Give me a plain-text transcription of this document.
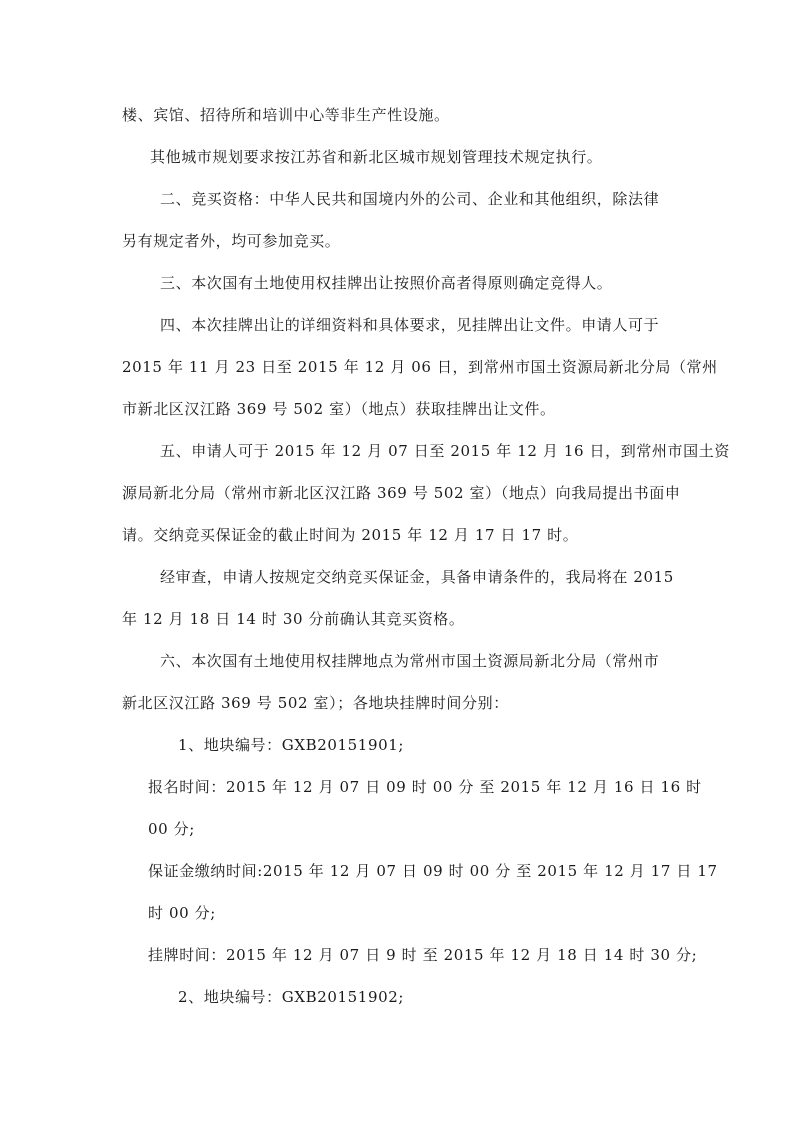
楼、宾馆、招待所和培训中心等非生产性设施。
其他城市规划要求按江苏省和新北区城市规划管理技术规定执行。
二、竞买资格：中华人民共和国境内外的公司、企业和其他组织，除法律
另有规定者外，均可参加竞买。
三、本次国有土地使用权挂牌出让按照价高者得原则确定竞得人。
四、本次挂牌出让的详细资料和具体要求，见挂牌出让文件。申请人可于
2015 年 11 月 23 日至 2015 年 12 月 06 日，到常州市国土资源局新北分局（常州
市新北区汉江路 369 号 502 室）（地点）获取挂牌出让文件。
五、申请人可于 2015 年 12 月 07 日至 2015 年 12 月 16 日，到常州市国土资
源局新北分局（常州市新北区汉江路 369 号 502 室）（地点）向我局提出书面申
请。交纳竞买保证金的截止时间为 2015 年 12 月 17 日 17 时。
经审查，申请人按规定交纳竞买保证金，具备申请条件的，我局将在 2015
年 12 月 18 日 14 时 30 分前确认其竞买资格。
六、本次国有土地使用权挂牌地点为常州市国土资源局新北分局（常州市
新北区汉江路 369 号 502 室）；各地块挂牌时间分别：
1、地块编号：GXB20151901;
报名时间：2015 年 12 月 07 日 09 时 00 分 至 2015 年 12 月 16 日 16 时
00 分;
保证金缴纳时间:2015 年 12 月 07 日 09 时 00 分 至 2015 年 12 月 17 日 17
时 00 分;
挂牌时间：2015 年 12 月 07 日 9 时 至 2015 年 12 月 18 日 14 时 30 分;
2、地块编号：GXB20151902;
